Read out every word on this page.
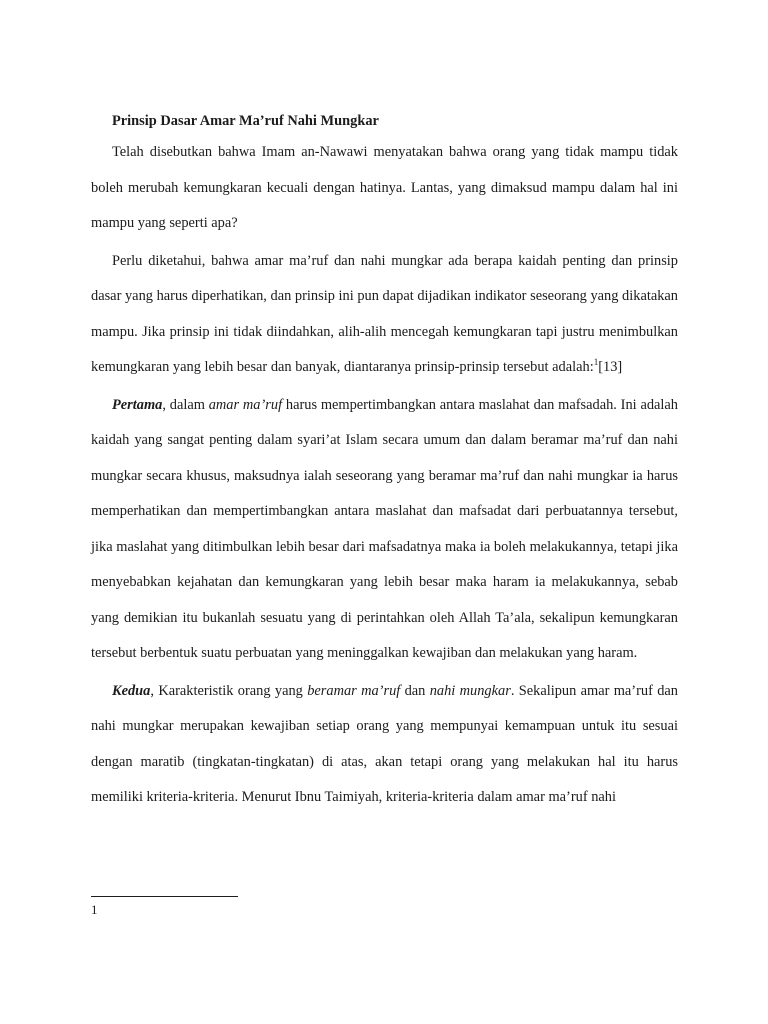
Prinsip Dasar Amar Ma’ruf Nahi Mungkar

Telah disebutkan bahwa Imam an-Nawawi menyatakan bahwa orang yang tidak mampu tidak boleh merubah kemungkaran kecuali dengan hatinya. Lantas, yang dimaksud mampu dalam hal ini mampu yang seperti apa?

Perlu diketahui, bahwa amar ma’ruf dan nahi mungkar ada berapa kaidah penting dan prinsip dasar yang harus diperhatikan, dan prinsip ini pun dapat dijadikan indikator seseorang yang dikatakan mampu. Jika prinsip ini tidak diindahkan, alih-alih mencegah kemungkaran tapi justru menimbulkan kemungkaran yang lebih besar dan banyak, diantaranya prinsip-prinsip tersebut adalah:$^1$[13]

Pertama, dalam amar ma’ruf harus mempertimbangkan antara maslahat dan mafsadah. Ini adalah kaidah yang sangat penting dalam syari’at Islam secara umum dan dalam beramar ma’ruf dan nahi mungkar secara khusus, maksudnya ialah seseorang yang beramar ma’ruf dan nahi mungkar ia harus memperhatikan dan mempertimbangkan antara maslahat dan mafsadat dari perbuatannya tersebut, jika maslahat yang ditimbulkan lebih besar dari mafsadatnya maka ia boleh melakukannya, tetapi jika menyebabkan kejahatan dan kemungkaran yang lebih besar maka haram ia melakukannya, sebab yang demikian itu bukanlah sesuatu yang di perintahkan oleh Allah Ta’ala, sekalipun kemungkaran tersebut berbentuk suatu perbuatan yang meninggalkan kewajiban dan melakukan yang haram.

Kedua, Karakteristik orang yang beramar ma’ruf dan nahi mungkar. Sekalipun amar ma’ruf dan nahi mungkar merupakan kewajiban setiap orang yang mempunyai kemampuan untuk itu sesuai dengan maratib (tingkatan-tingkatan) di atas, akan tetapi orang yang melakukan hal itu harus memiliki kriteria-kriteria. Menurut Ibnu Taimiyah, kriteria-kriteria dalam amar ma’ruf nahi

1
